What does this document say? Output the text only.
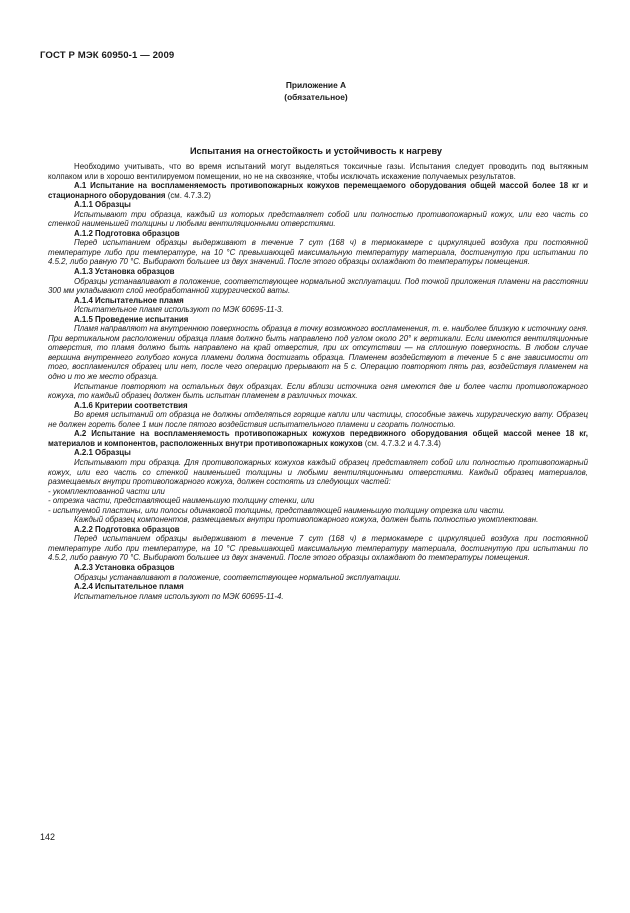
ГОСТ Р МЭК 60950-1 — 2009
Приложение А
(обязательное)
Испытания на огнестойкость и устойчивость к нагреву

Необходимо учитывать, что во время испытаний могут выделяться токсичные газы. Испытания следует проводить под вытяжным колпаком или в хорошо вентилируемом помещении, но не на сквозняке, чтобы исключать искажение получаемых результатов.

А.1 Испытание на воспламеняемость противопожарных кожухов перемещаемого оборудования общей массой более 18 кг и стационарного оборудования (см. 4.7.3.2)

А.1.1 Образцы

Испытывают три образца, каждый из которых представляет собой или полностью противопожарный кожух, или его часть со стенкой наименьшей толщины и любыми вентиляционными отверстиями.

А.1.2 Подготовка образцов

Перед испытанием образцы выдерживают в течение 7 сут (168 ч) в термокамере с циркуляцией воздуха при постоянной температуре либо при температуре, на 10 °С превышающей максимальную температуру материала, достигнутую при испытании по 4.5.2, либо равную 70 °С. Выбирают большее из двух значений. После этого образцы охлаждают до температуры помещения.

А.1.3 Установка образцов

Образцы устанавливают в положение, соответствующее нормальной эксплуатации. Под точкой приложения пламени на расстоянии 300 мм укладывают слой необработанной хирургической ваты.

А.1.4 Испытательное пламя

Испытательное пламя используют по МЭК 60695-11-3.

А.1.5 Проведение испытания

Пламя направляют на внутреннюю поверхность образца в точку возможного воспламенения, т. е. наиболее близкую к источнику огня. При вертикальном расположении образца пламя должно быть направлено под углом около 20° к вертикали. Если имеются вентиляционные отверстия, то пламя должно быть направлено на край отверстия, при их отсутствии — на сплошную поверхность. В любом случае вершина внутреннего голубого конуса пламени должна достигать образца. Пламенем воздействуют в течение 5 с вне зависимости от того, воспламенился образец или нет, после чего операцию прерывают на 5 с. Операцию повторяют пять раз, воздействуя пламенем на одно и то же место образца.

Испытание повторяют на остальных двух образцах. Если вблизи источника огня имеются две и более части противопожарного кожуха, то каждый образец должен быть испытан пламенем в различных точках.

А.1.6 Критерии соответствия

Во время испытаний от образца не должны отделяться горящие капли или частицы, способные зажечь хирургическую вату. Образец не должен гореть более 1 мин после пятого воздействия испытательного пламени и сгорать полностью.

А.2 Испытание на воспламеняемость противопожарных кожухов передвижного оборудования общей массой менее 18 кг, материалов и компонентов, расположенных внутри противопожарных кожухов (см. 4.7.3.2 и 4.7.3.4)

А.2.1 Образцы

Испытывают три образца. Для противопожарных кожухов каждый образец представляет собой или полностью противопожарный кожух, или его часть со стенкой наименьшей толщины и любыми вентиляционными отверстиями. Каждый образец материалов, размещаемых внутри противопожарного кожуха, должен состоять из следующих частей:

- укомплектованной части или

- отрезка части, представляющей наименьшую толщину стенки, или

- испытуемой пластины, или полосы одинаковой толщины, представляющей наименьшую толщину отрезка или части.

Каждый образец компонентов, размещаемых внутри противопожарного кожуха, должен быть полностью укомплектован.

А.2.2 Подготовка образцов

Перед испытанием образцы выдерживают в течение 7 сут (168 ч) в термокамере с циркуляцией воздуха при постоянной температуре либо при температуре, на 10 °С превышающей максимальную температуру материала, достигнутую при испытании по 4.5.2, либо равную 70 °С. Выбирают большее из двух значений. После этого образцы охлаждают до температуры помещения.

А.2.3 Установка образцов

Образцы устанавливают в положение, соответствующее нормальной эксплуатации.

А.2.4 Испытательное пламя

Испытательное пламя используют по МЭК 60695-11-4.

142
